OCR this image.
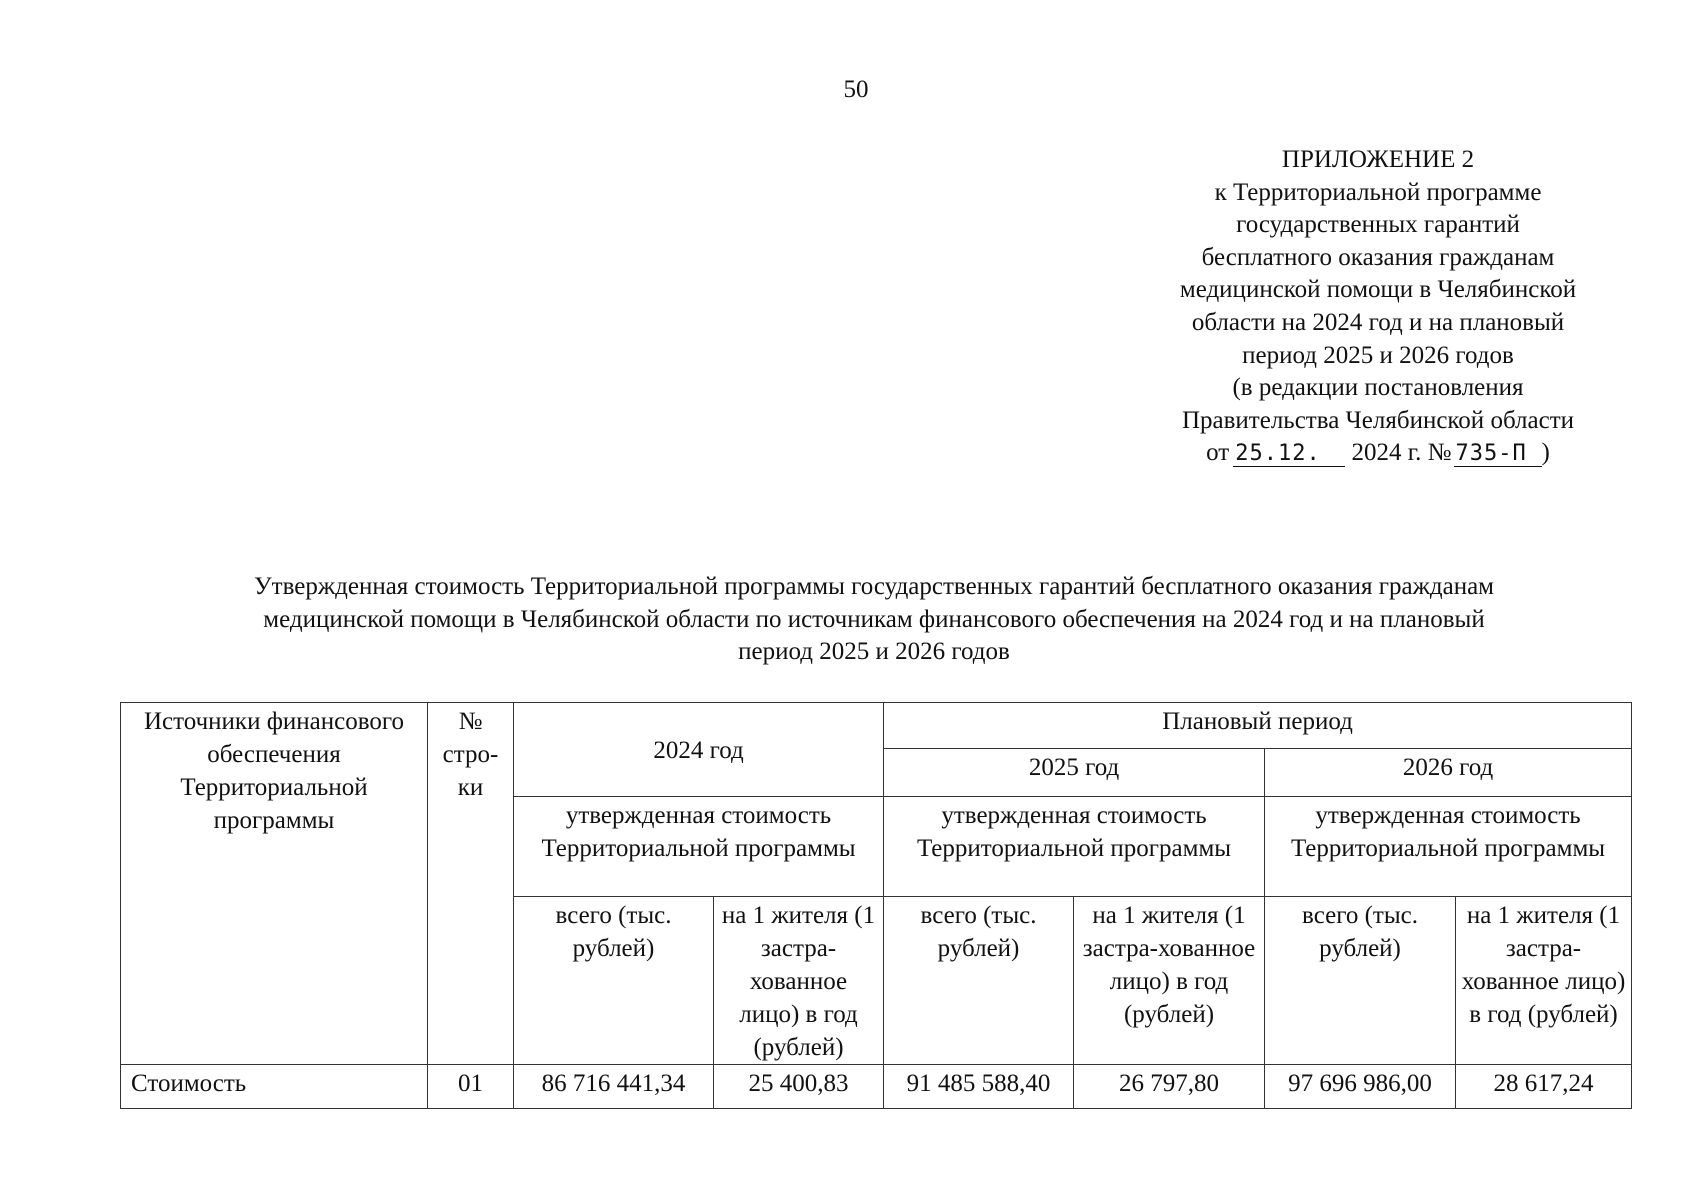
50
ПРИЛОЖЕНИЕ 2
к Территориальной программе
государственных гарантий
бесплатного оказания гражданам
медицинской помощи в Челябинской
области на 2024 год и на плановый
период 2025 и 2026 годов
(в редакции постановления
Правительства Челябинской области
от 25.12. 2024 г. № 735-П )
Утвержденная стоимость Территориальной программы государственных гарантий бесплатного оказания гражданам
медицинской помощи в Челябинской области по источникам финансового обеспечения на 2024 год и на плановый
период 2025 и 2026 годов
Источники финансового обеспечения Территориальной программы	№ стро-ки	2024 год		Плановый период			
				2025 год		2026 год	
		утвержденная стоимость Территориальной программы		утвержденная стоимость Территориальной программы		утвержденная стоимость Территориальной программы	
		всего (тыс. рублей)	на 1 жителя (1 застра-хованное лицо) в год (рублей)	всего (тыс. рублей)	на 1 жителя (1 застра-хованное лицо) в год (рублей)	всего (тыс. рублей)	на 1 жителя (1 застра-хованное лицо) в год (рублей)
Стоимость	01	86 716 441,34	25 400,83	91 485 588,40	26 797,80	97 696 986,00	28 617,24
